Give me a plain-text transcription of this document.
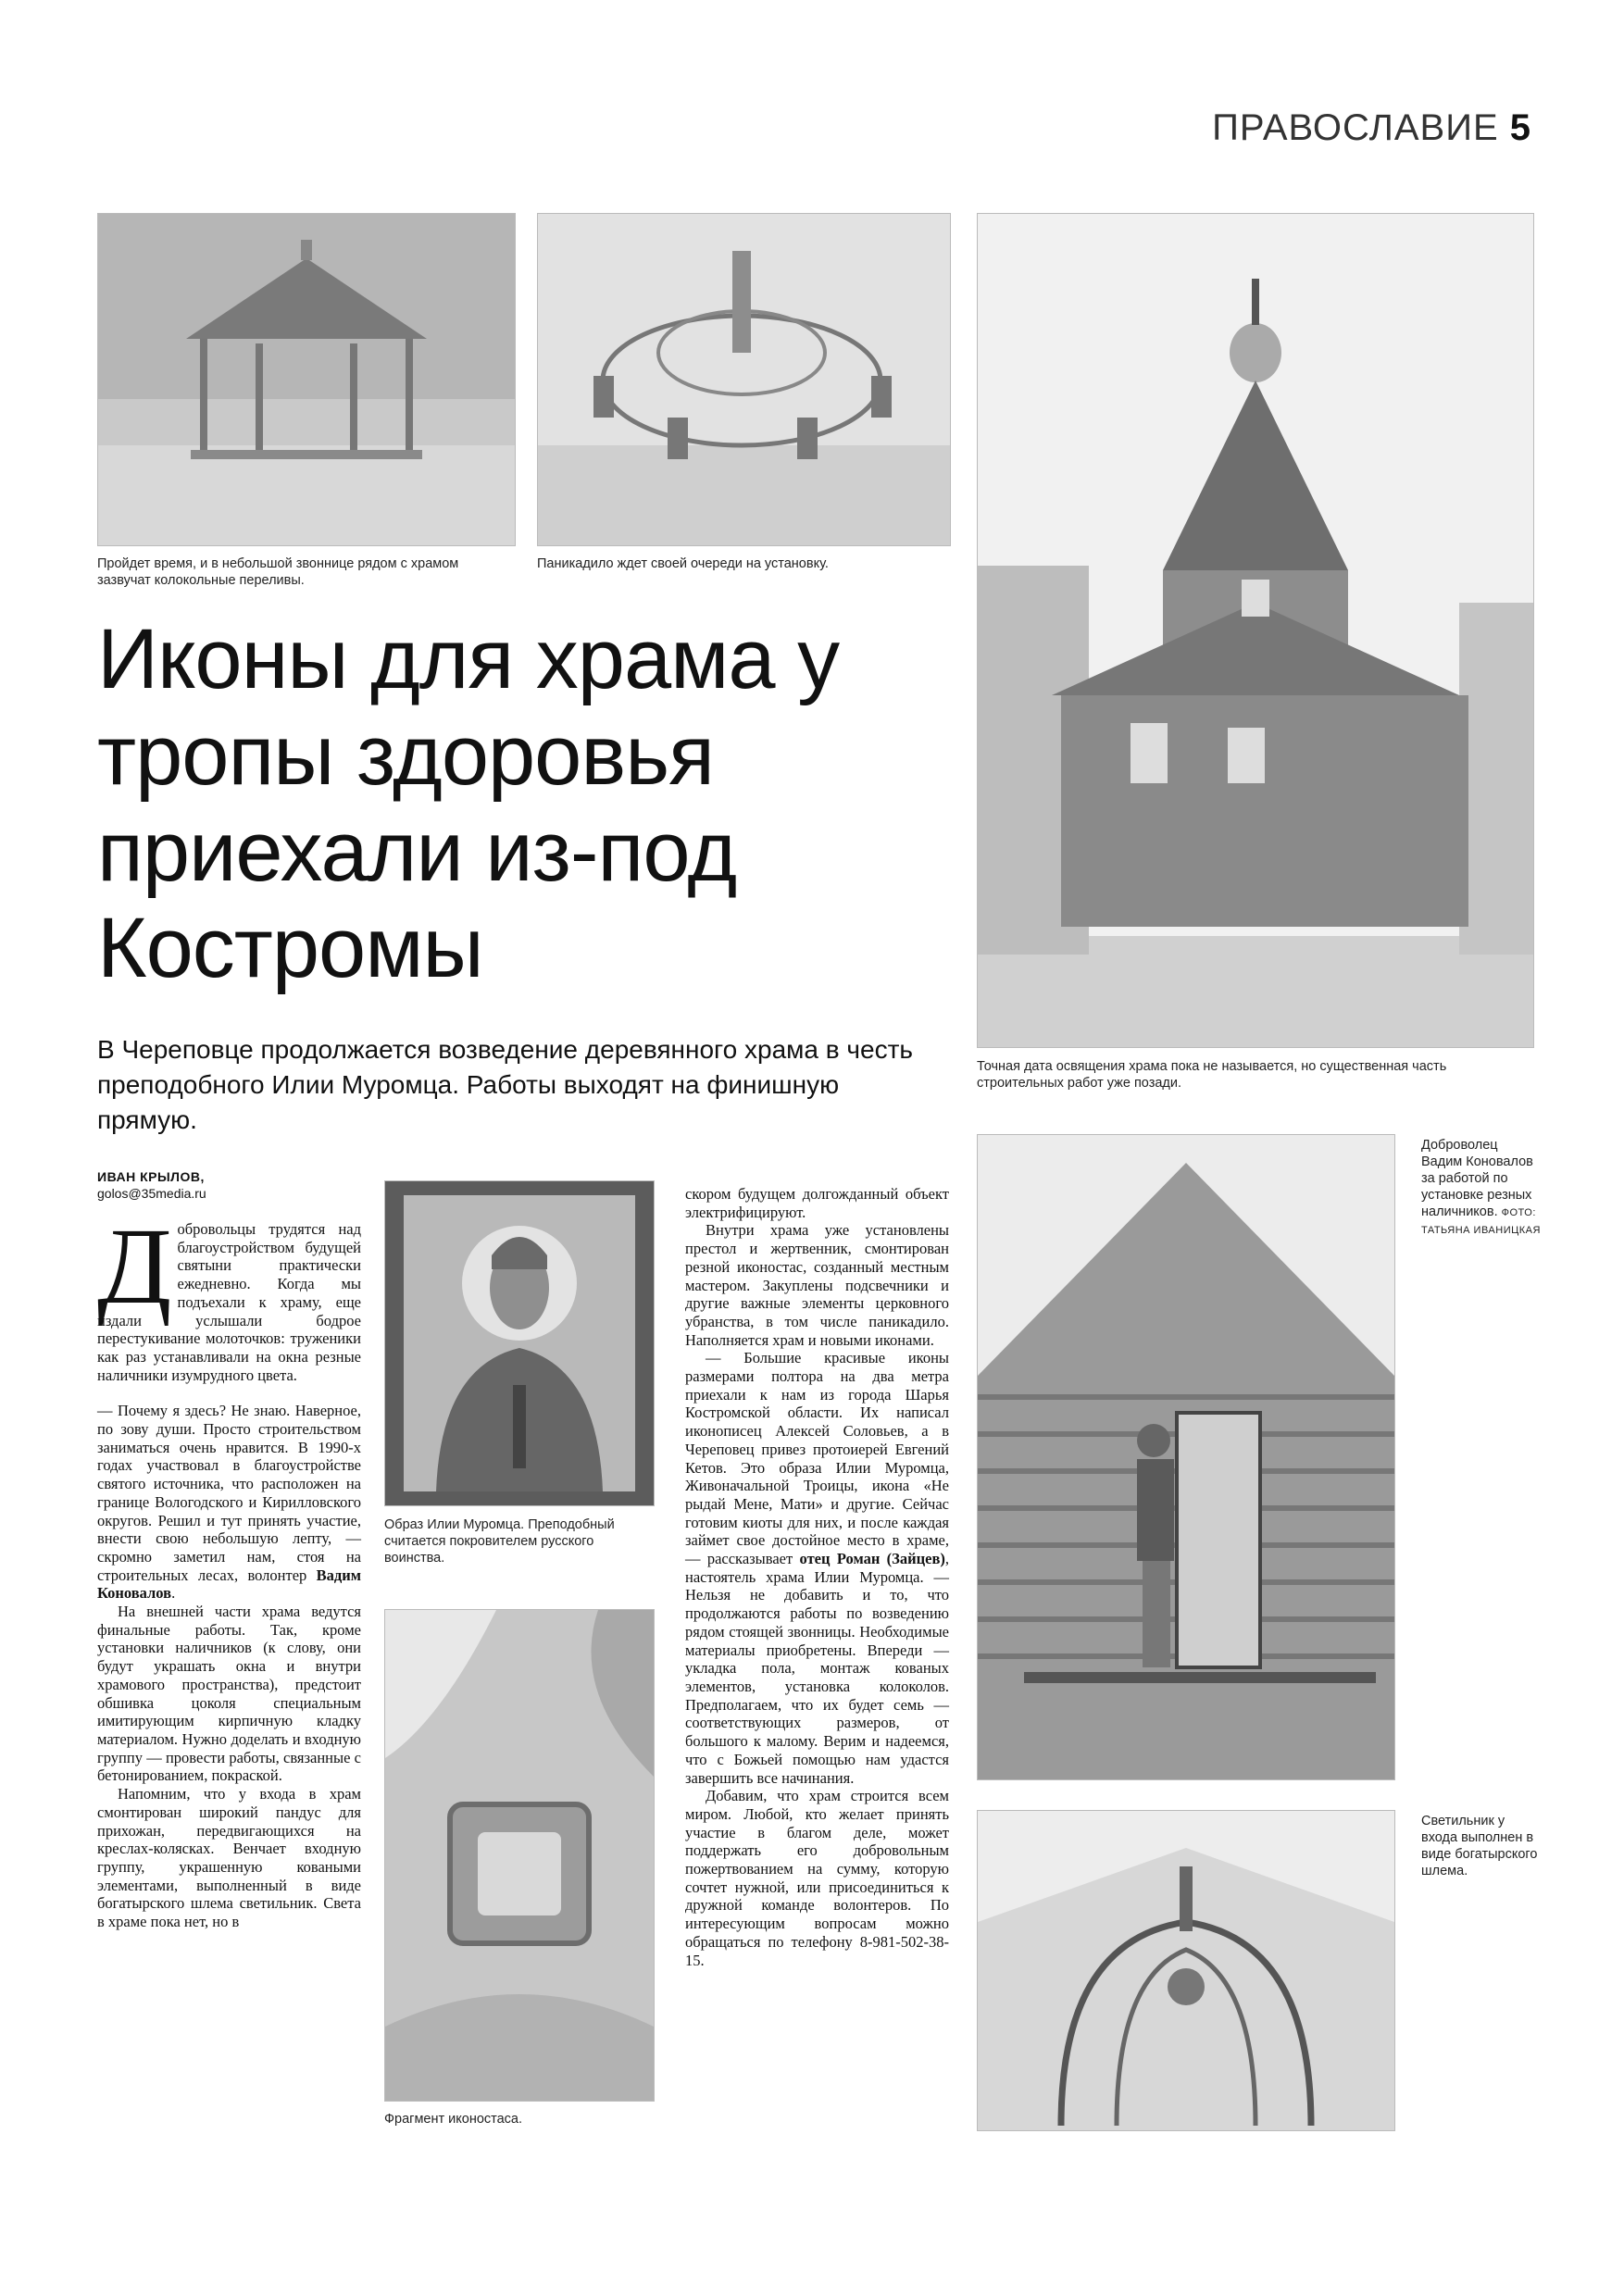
ПРАВОСЛАВИЕ 5
Пройдет время, и в небольшой звоннице рядом с храмом зазвучат колокольные переливы.
Паникадило ждет своей очереди на установку.
Точная дата освящения храма пока не называется, но существенная часть строительных работ уже позади.
Доброволец Вадим Коновалов за работой по установке резных наличников. ФОТО: ТАТЬЯНА ИВАНИЦКАЯ
Светильник у входа выполнен в виде богатырского шлема.
Образ Илии Муромца. Преподобный считается покровителем русского воинства.
Фрагмент иконостаса.
Иконы для храма у тропы здоровья приехали из-под Костромы

В Череповце продолжается возведение деревянного храма в честь преподобного Илии Муромца. Работы выходят на финишную прямую.

ИВАН КРЫЛОВ,
golos@35media.ru

Добровольцы трудятся над благоустройством будущей святыни практически ежедневно. Когда мы подъехали к храму, еще издали услышали бодрое перестукивание молоточков: труженики как раз устанавливали на окна резные наличники изумрудного цвета.

— Почему я здесь? Не знаю. Наверное, по зову души. Просто строительством заниматься очень нравится. В 1990-х годах участвовал в благоустройстве святого источника, что расположен на границе Вологодского и Кирилловского округов. Решил и тут принять участие, внести свою небольшую лепту, — скромно заметил нам, стоя на строительных лесах, волонтер Вадим Коновалов.

На внешней части храма ведутся финальные работы. Так, кроме установки наличников (к слову, они будут украшать окна и внутри храмового пространства), предстоит обшивка цоколя специальным имитирующим кирпичную кладку материалом. Нужно доделать и входную группу — провести работы, связанные с бетонированием, покраской.

Напомним, что у входа в храм смонтирован широкий пандус для прихожан, передвигающихся на креслах-колясках. Венчает входную группу, украшенную коваными элементами, выполненный в виде богатырского шлема светильник. Света в храме пока нет, но в

скором будущем долгожданный объект электрифицируют.

Внутри храма уже установлены престол и жертвенник, смонтирован резной иконостас, созданный местным мастером. Закуплены подсвечники и другие важные элементы церковного убранства, в том числе паникадило. Наполняется храм и новыми иконами.

— Большие красивые иконы размерами полтора на два метра приехали к нам из города Шарья Костромской области. Их написал иконописец Алексей Соловьев, а в Череповец привез протоиерей Евгений Кетов. Это образа Илии Муромца, Живоначальной Троицы, икона «Не рыдай Мене, Мати» и другие. Сейчас готовим киоты для них, и после каждая займет свое достойное место в храме, — рассказывает отец Роман (Зайцев), настоятель храма Илии Муромца. — Нельзя не добавить и то, что продолжаются работы по возведению рядом стоящей звонницы. Необходимые материалы приобретены. Впереди — укладка пола, монтаж кованых элементов, установка колоколов. Предполагаем, что их будет семь — соответствующих размеров, от большого к малому. Верим и надеемся, что с Божьей помощью нам удастся завершить все начинания.

Добавим, что храм строится всем миром. Любой, кто желает принять участие в благом деле, может поддержать его добровольным пожертвованием на сумму, которую сочтет нужной, или присоединиться к дружной команде волонтеров. По интересующим вопросам можно обращаться по телефону 8-981-502-38-15.
